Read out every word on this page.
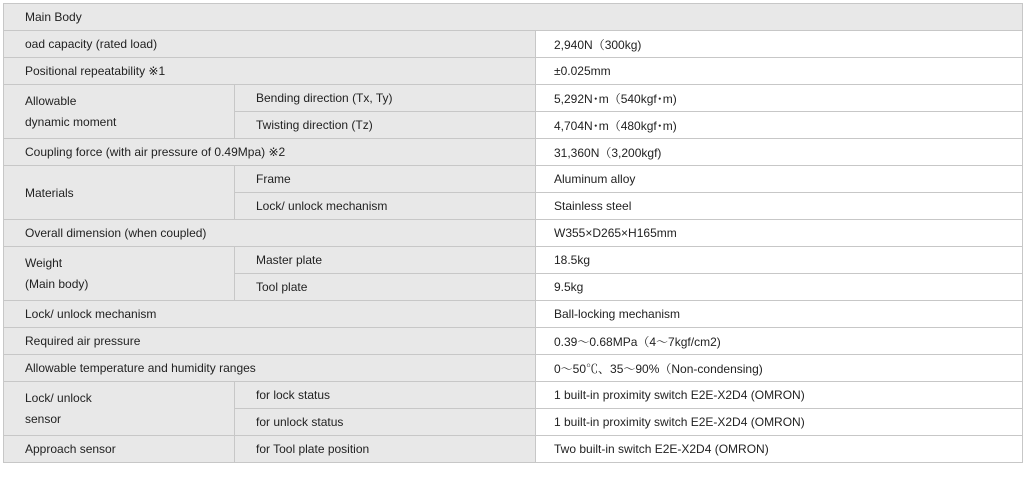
Main Body		
oad capacity (rated load)		2,940N（300kg)
Positional repeatability ※1		±0.025mm

Allowable
dynamic moment	Bending direction (Tx, Ty)	5,292N･m（540kgf･m)
	Twisting direction (Tz)	4,704N･m（480kgf･m)
Coupling force (with air pressure of 0.49Mpa) ※2		31,360N（3,200kgf)
Materials	Frame	Aluminum alloy
	Lock/ unlock mechanism	Stainless steel
Overall dimension (when coupled)		W355×D265×H165mm

Weight
(Main body)	Master plate	18.5kg
	Tool plate	9.5kg
Lock/ unlock mechanism		Ball-locking mechanism
Required air pressure		0.39～0.68MPa（4～7kgf/cm2)
Allowable temperature and humidity ranges		0～50℃、35～90%（Non-condensing)

Lock/ unlock
sensor	for lock status	1 built-in proximity switch E2E-X2D4 (OMRON)
	for unlock status	1 built-in proximity switch E2E-X2D4 (OMRON)
Approach sensor	for Tool plate position	Two built-in switch E2E-X2D4 (OMRON)
